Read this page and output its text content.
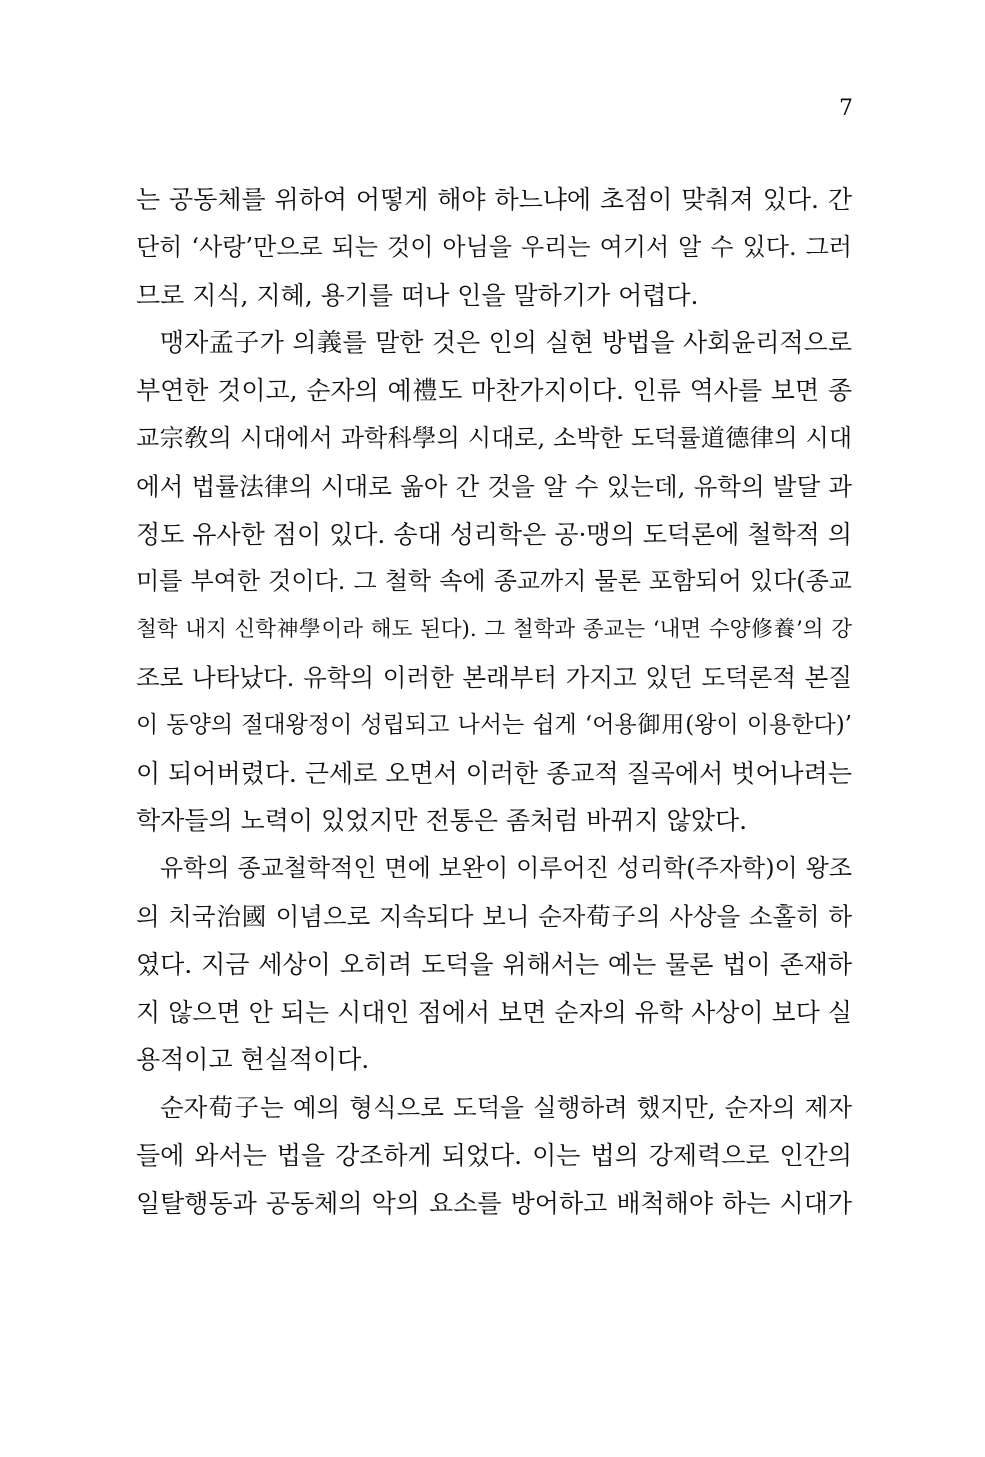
7
는 공동체를 위하여 어떻게 해야 하느냐에 초점이 맞춰져 있다. 간
단히 ‘사랑’만으로 되는 것이 아님을 우리는 여기서 알 수 있다. 그러
므로 지식, 지혜, 용기를 떠나 인을 말하기가 어렵다.
맹자孟子가 의義를 말한 것은 인의 실현 방법을 사회윤리적으로
부연한 것이고, 순자의 예禮도 마찬가지이다. 인류 역사를 보면 종
교宗敎의 시대에서 과학科學의 시대로, 소박한 도덕률道德律의 시대
에서 법률法律의 시대로 옮아 간 것을 알 수 있는데, 유학의 발달 과
정도 유사한 점이 있다. 송대 성리학은 공·맹의 도덕론에 철학적 의
미를 부여한 것이다. 그 철학 속에 종교까지 물론 포함되어 있다(종교
철학 내지 신학神學이라 해도 된다). 그 철학과 종교는 ‘내면 수양修養’의 강
조로 나타났다. 유학의 이러한 본래부터 가지고 있던 도덕론적 본질
이 동양의 절대왕정이 성립되고 나서는 쉽게 ‘어용御用(왕이 이용한다)’
이 되어버렸다. 근세로 오면서 이러한 종교적 질곡에서 벗어나려는
학자들의 노력이 있었지만 전통은 좀처럼 바뀌지 않았다.
유학의 종교철학적인 면에 보완이 이루어진 성리학(주자학)이 왕조
의 치국治國 이념으로 지속되다 보니 순자荀子의 사상을 소홀히 하
였다. 지금 세상이 오히려 도덕을 위해서는 예는 물론 법이 존재하
지 않으면 안 되는 시대인 점에서 보면 순자의 유학 사상이 보다 실
용적이고 현실적이다.
순자荀子는 예의 형식으로 도덕을 실행하려 했지만, 순자의 제자
들에 와서는 법을 강조하게 되었다. 이는 법의 강제력으로 인간의
일탈행동과 공동체의 악의 요소를 방어하고 배척해야 하는 시대가
